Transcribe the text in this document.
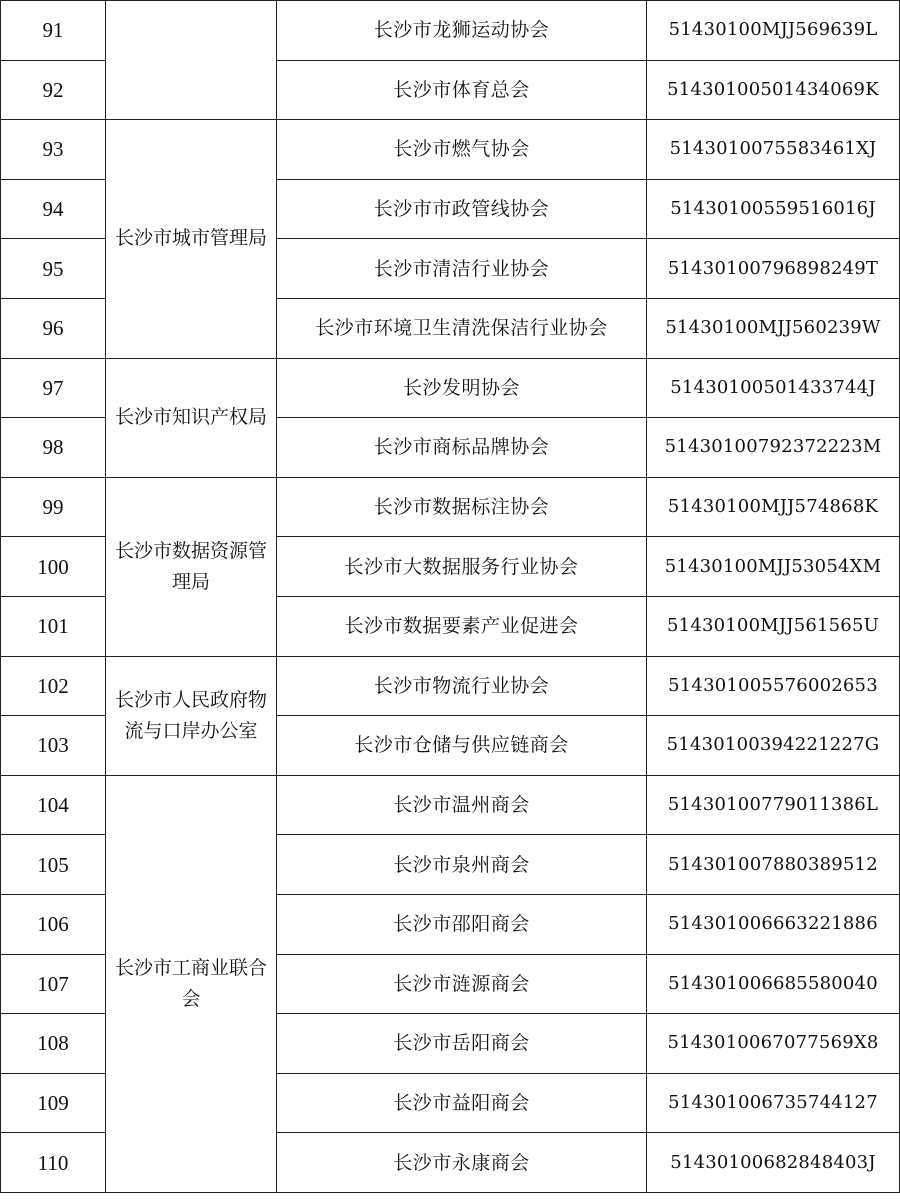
91		长沙市龙狮运动协会	51430100MJJ569639L
92		长沙市体育总会	51430100501434069K
93	长沙市城市管理局	长沙市燃气协会	5143010075583461XJ
94		长沙市市政管线协会	51430100559516016J
95		长沙市清洁行业协会	51430100796898249T
96		长沙市环境卫生清洗保洁行业协会	51430100MJJ560239W
97	长沙市知识产权局	长沙发明协会	51430100501433744J
98		长沙市商标品牌协会	51430100792372223M
99	长沙市数据资源管理局	长沙市数据标注协会	51430100MJJ574868K
100		长沙市大数据服务行业协会	51430100MJJ53054XM
101		长沙市数据要素产业促进会	51430100MJJ561565U
102	长沙市人民政府物流与口岸办公室	长沙市物流行业协会	514301005576002653
103		长沙市仓储与供应链商会	51430100394221227G
104	长沙市工商业联合会	长沙市温州商会	51430100779011386L
105		长沙市泉州商会	514301007880389512
106		长沙市邵阳商会	514301006663221886
107		长沙市涟源商会	514301006685580040
108		长沙市岳阳商会	5143010067077569X8
109		长沙市益阳商会	514301006735744127
110		长沙市永康商会	51430100682848403J
